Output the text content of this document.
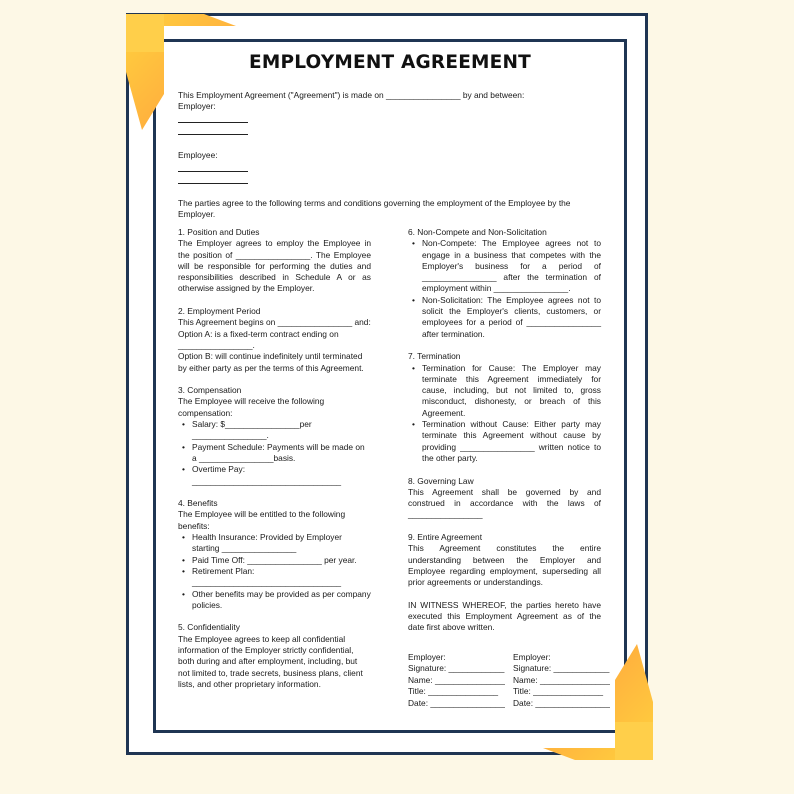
EMPLOYMENT AGREEMENT
This Employment Agreement ("Agreement") is made on ________________ by and between:
Employer:
Employee:
The parties agree to the following terms and conditions governing the employment of the Employee by the Employer.

1. Position and Duties

The Employer agrees to employ the Employee in the position of ________________. The Employee will be responsible for performing the duties and responsibilities described in Schedule A or as otherwise assigned by the Employer.

2. Employment Period

This Agreement begins on ________________ and:

Option A: is a fixed-term contract ending on ________________.

Option B: will continue indefinitely until terminated by either party as per the terms of this Agreement.

3. Compensation

The Employee will receive the following compensation:

• Salary: $________________per ________________.
• Payment Schedule: Payments will be made on a ________________basis.
• Overtime Pay: ________________________________

4. Benefits

The Employee will be entitled to the following benefits:

• Health Insurance: Provided by Employer starting ________________
• Paid Time Off: ________________ per year.
• Retirement Plan: ________________________________
• Other benefits may be provided as per company policies.

5. Confidentiality

The Employee agrees to keep all confidential information of the Employer strictly confidential, both during and after employment, including, but not limited to, trade secrets, business plans, client lists, and other proprietary information.

6. Non-Compete and Non-Solicitation

• Non-Compete: The Employee agrees not to engage in a business that competes with the Employer's business for a period of ________________ after the termination of employment within ________________.
• Non-Solicitation: The Employee agrees not to solicit the Employer's clients, customers, or employees for a period of ________________ after termination.

7. Termination

• Termination for Cause: The Employer may terminate this Agreement immediately for cause, including, but not limited to, gross misconduct, dishonesty, or breach of this Agreement.
• Termination without Cause: Either party may terminate this Agreement without cause by providing ________________ written notice to the other party.

8. Governing Law

This Agreement shall be governed by and construed in accordance with the laws of ________________

9. Entire Agreement

This Agreement constitutes the entire understanding between the Employer and Employee regarding employment, superseding all prior agreements or understandings.

IN WITNESS WHEREOF, the parties hereto have executed this Employment Agreement as of the date first above written.

Employer:
Signature: ____________
Name: _______________
Title: _______________
Date: ________________
Employer:
Signature: ____________
Name: _______________
Title: _______________
Date: ________________
